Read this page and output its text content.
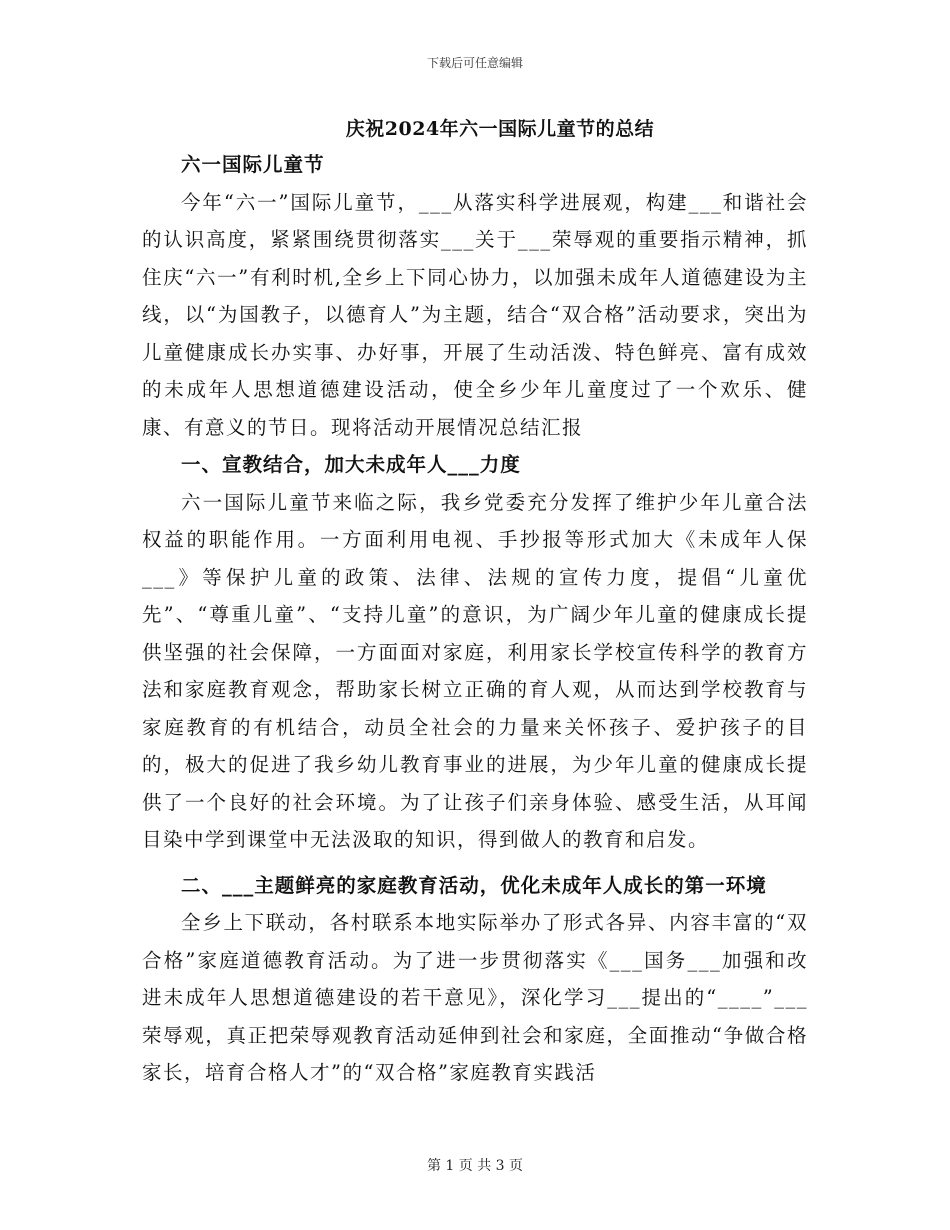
下载后可任意编辑
庆祝2024年六一国际儿童节的总结

六一国际儿童节

今年“六一”国际儿童节，___从落实科学进展观，构建___和谐社会的认识高度，紧紧围绕贯彻落实___关于___荣辱观的重要指示精神，抓住庆“六一”有利时机,全乡上下同心协力，以加强未成年人道德建设为主线，以“为国教子，以德育人”为主题，结合“双合格”活动要求，突出为儿童健康成长办实事、办好事，开展了生动活泼、特色鲜亮、富有成效的未成年人思想道德建设活动，使全乡少年儿童度过了一个欢乐、健康、有意义的节日。现将活动开展情况总结汇报

一、宣教结合，加大未成年人___力度

六一国际儿童节来临之际，我乡党委充分发挥了维护少年儿童合法权益的职能作用。一方面利用电视、手抄报等形式加大《未成年人保___》等保护儿童的政策、法律、法规的宣传力度，提倡“儿童优先”、“尊重儿童”、“支持儿童”的意识，为广阔少年儿童的健康成长提供坚强的社会保障，一方面面对家庭，利用家长学校宣传科学的教育方法和家庭教育观念，帮助家长树立正确的育人观，从而达到学校教育与家庭教育的有机结合，动员全社会的力量来关怀孩子、爱护孩子的目的，极大的促进了我乡幼儿教育事业的进展，为少年儿童的健康成长提供了一个良好的社会环境。为了让孩子们亲身体验、感受生活，从耳闻目染中学到课堂中无法汲取的知识，得到做人的教育和启发。

二、___主题鲜亮的家庭教育活动，优化未成年人成长的第一环境

全乡上下联动，各村联系本地实际举办了形式各异、内容丰富的“双合格”家庭道德教育活动。为了进一步贯彻落实《___国务___加强和改进未成年人思想道德建设的若干意见》，深化学习___提出的“____”___荣辱观，真正把荣辱观教育活动延伸到社会和家庭，全面推动“争做合格家长，培育合格人才”的“双合格”家庭教育实践活

第 1 页 共 3 页
